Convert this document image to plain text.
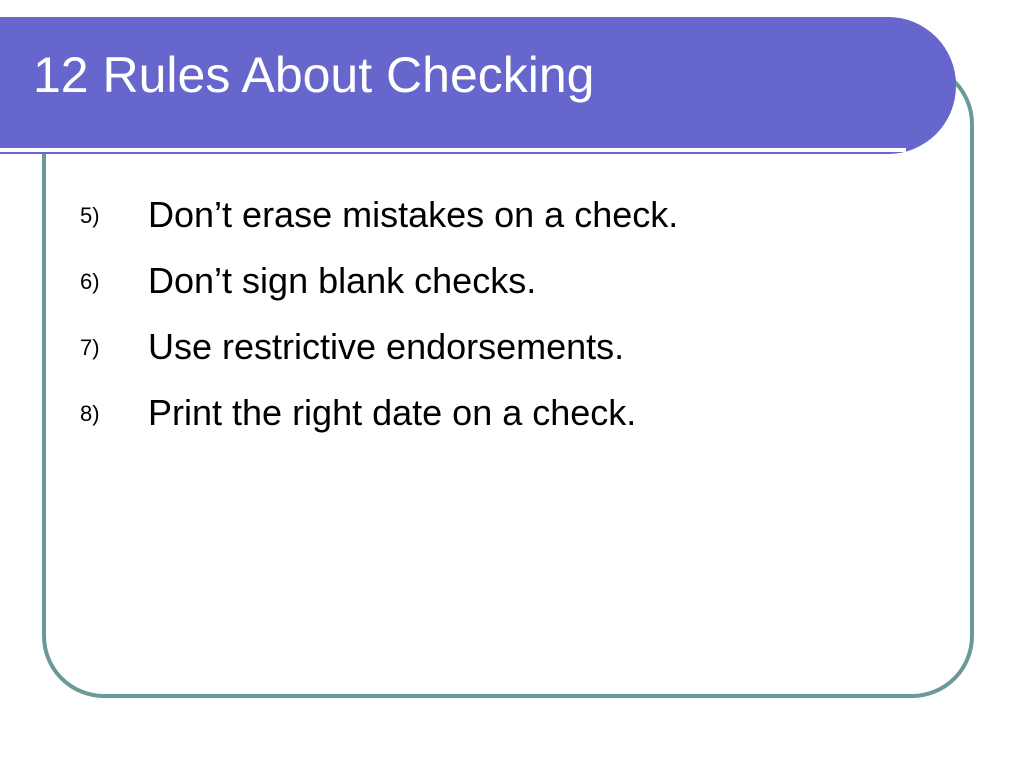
12 Rules About Checking
5)	Don’t erase mistakes on a check.
6)	Don’t sign blank checks.
7)	Use restrictive endorsements.
8)	Print the right date on a check.
